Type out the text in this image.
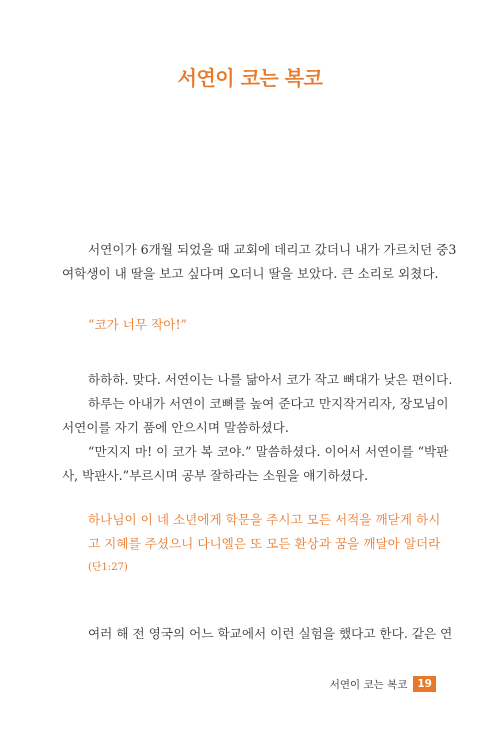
서연이 코는 복코
서연이가 6개월 되었을 때 교회에 데리고 갔더니 내가 가르치던 중3
여학생이 내 딸을 보고 싶다며 오더니 딸을 보았다. 큰 소리로 외쳤다.
“코가 너무 작아!”
하하하. 맞다. 서연이는 나를 닮아서 코가 작고 뼈대가 낮은 편이다.
하루는 아내가 서연이 코뼈를 높여 준다고 만지작거리자, 장모님이
서연이를 자기 품에 안으시며 말씀하셨다.
“만지지 마! 이 코가 복 코야.” 말씀하셨다. 이어서 서연이를 “박판
사, 박판사.”부르시며 공부 잘하라는 소원을 얘기하셨다.
하나님이 이 네 소년에게 학문을 주시고 모든 서적을 깨닫게 하시
고 지혜를 주셨으니 다니엘은 또 모든 환상과 꿈을 깨달아 알더라
(단1:27)
여러 해 전 영국의 어느 학교에서 이런 실험을 했다고 한다. 같은 연
서연이 코는 복코 19
